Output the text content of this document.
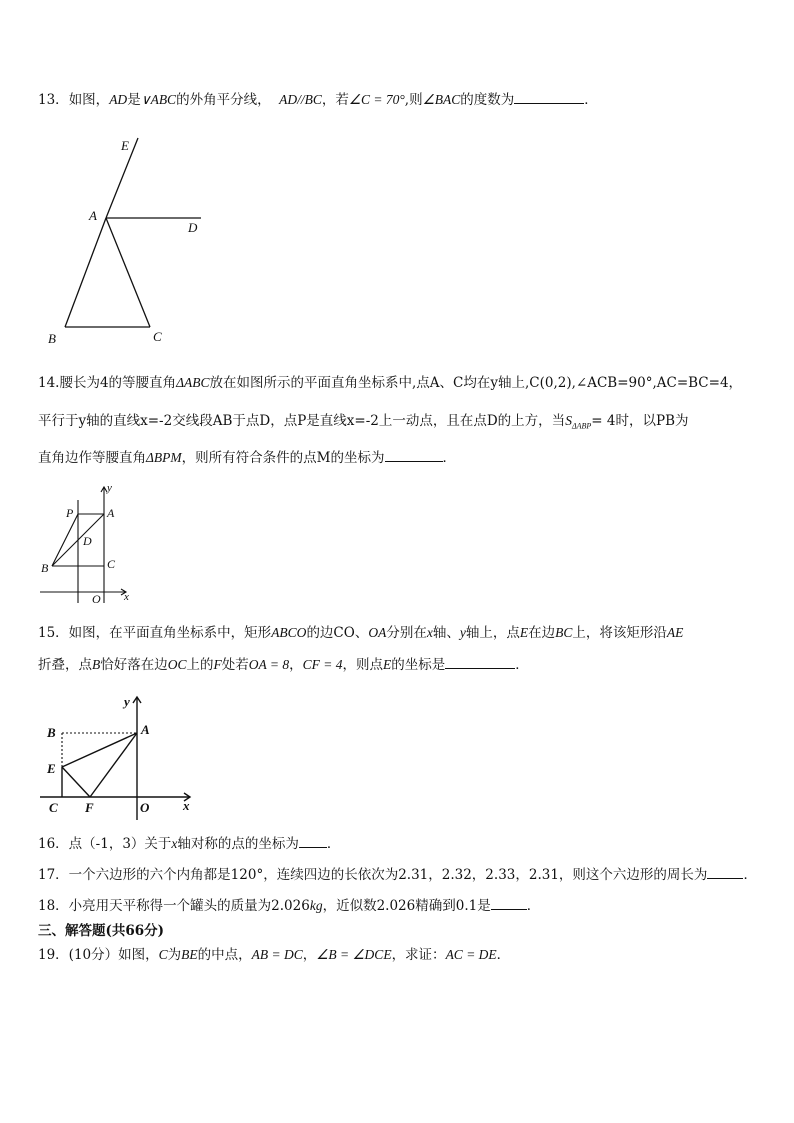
13．如图，AD是∨ABC的外角平分线， AD//BC，若∠C = 70°,则∠BAC的度数为	．
E
A
D
B	C
14.腰长为4的等腰直角ΔABC放在如图所示的平面直角坐标系中,点A、C均在y轴上,C(0,2),∠ACB=90°,AC=BC=4，
平行于y轴的直线x=-2交线段AB于点D，点P是直线x=-2上一动点，且在点D的上方，当$S_{\Delta ABP}= 4$时，以PB为
直角边作等腰直角ΔBPM，则所有符合条件的点M的坐标为	．
y
x
P	A
D
B	C
O
15．如图，在平面直角坐标系中，矩形ABCO的边CO、OA分别在x轴、y轴上，点E在边BC上，将该矩形沿AE
折叠，点B恰好落在边OC上的F处若OA = 8，CF = 4，则点E的坐标是	．
y
x
B	A
E
C F	O
16．点（-1，3）关于x轴对称的点的坐标为 ．
17．一个六边形的六个内角都是120°，连续四边的长依次为2.31，2.32，2.33，2.31，则这个六边形的周长为	．
18．小亮用天平称得一个罐头的质量为2.026kg，近似数2.026精确到0.1是	．
三、解答题(共66分)
19．(10分）如图，C为BE的中点，AB = DC，∠B = ∠DCE，求证：AC = DE．
